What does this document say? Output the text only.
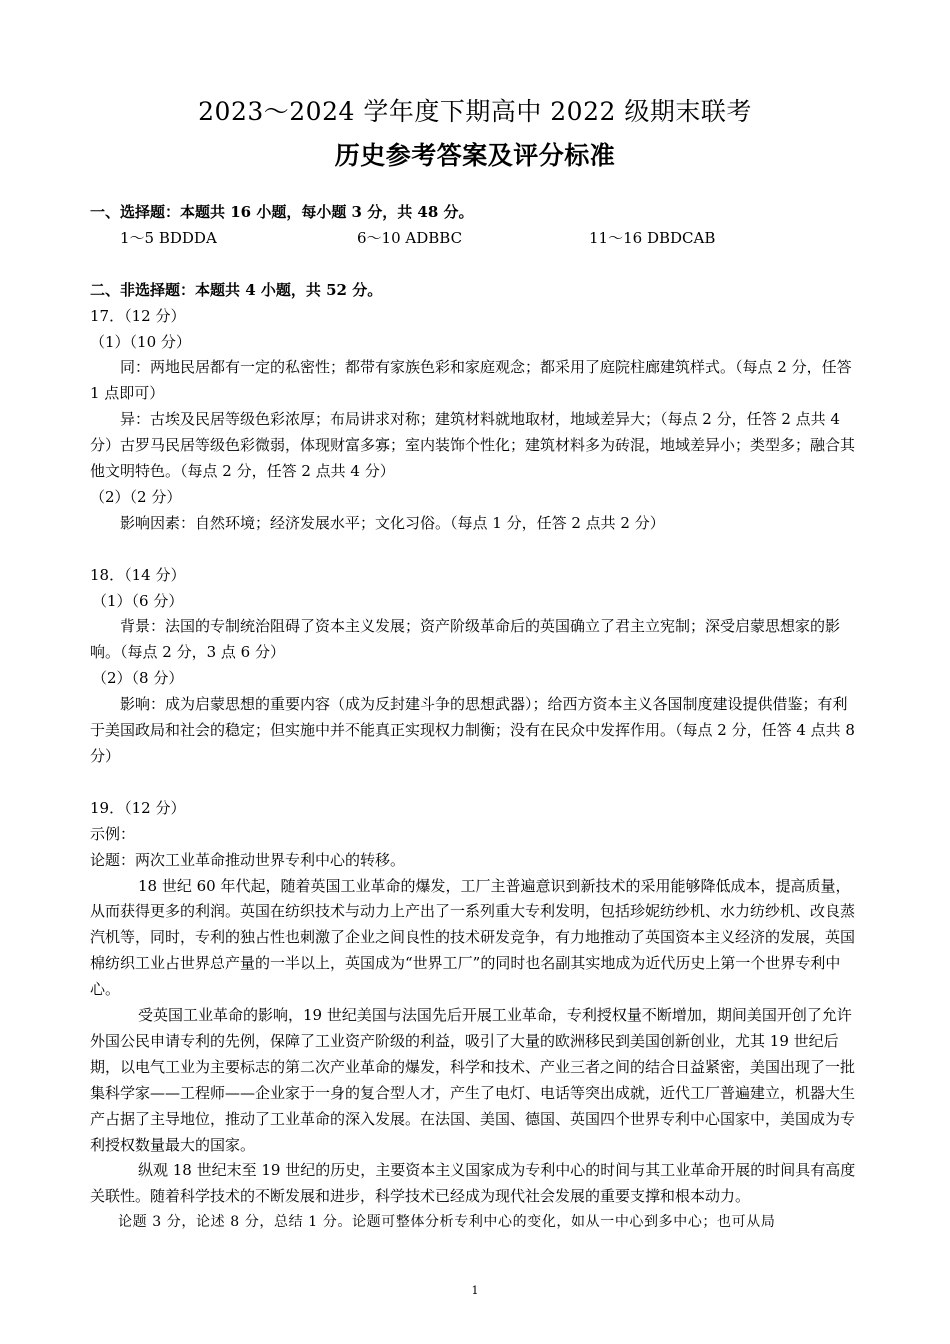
2023～2024 学年度下期高中 2022 级期末联考
历史参考答案及评分标准

一、选择题：本题共 16 小题，每小题 3 分，共 48 分。

1～5 BDDDA	6～10 ADBBC	11～16 DBDCAB

二、非选择题：本题共 4 小题，共 52 分。

17．（12 分）

（1）（10 分）

同：两地民居都有一定的私密性；都带有家族色彩和家庭观念；都采用了庭院柱廊建筑样式。（每点 2 分，任答 1 点即可）

异：古埃及民居等级色彩浓厚；布局讲求对称；建筑材料就地取材，地域差异大；（每点 2 分，任答 2 点共 4 分）古罗马民居等级色彩微弱，体现财富多寡；室内装饰个性化；建筑材料多为砖混，地域差异小；类型多；融合其他文明特色。（每点 2 分，任答 2 点共 4 分）

（2）（2 分）

影响因素：自然环境；经济发展水平；文化习俗。（每点 1 分，任答 2 点共 2 分）

18．（14 分）

（1）（6 分）

背景：法国的专制统治阻碍了资本主义发展；资产阶级革命后的英国确立了君主立宪制；深受启蒙思想家的影响。（每点 2 分，3 点 6 分）

（2）（8 分）

影响：成为启蒙思想的重要内容（成为反封建斗争的思想武器）；给西方资本主义各国制度建设提供借鉴；有利于美国政局和社会的稳定；但实施中并不能真正实现权力制衡；没有在民众中发挥作用。（每点 2 分，任答 4 点共 8 分）

19．（12 分）

示例：

论题：两次工业革命推动世界专利中心的转移。

18 世纪 60 年代起，随着英国工业革命的爆发，工厂主普遍意识到新技术的采用能够降低成本，提高质量，从而获得更多的利润。英国在纺织技术与动力上产出了一系列重大专利发明，包括珍妮纺纱机、水力纺纱机、改良蒸汽机等，同时，专利的独占性也刺激了企业之间良性的技术研发竞争，有力地推动了英国资本主义经济的发展，英国棉纺织工业占世界总产量的一半以上，英国成为“世界工厂”的同时也名副其实地成为近代历史上第一个世界专利中心。

受英国工业革命的影响，19 世纪美国与法国先后开展工业革命，专利授权量不断增加，期间美国开创了允许外国公民申请专利的先例，保障了工业资产阶级的利益，吸引了大量的欧洲移民到美国创新创业，尤其 19 世纪后期，以电气工业为主要标志的第二次产业革命的爆发，科学和技术、产业三者之间的结合日益紧密，美国出现了一批集科学家——工程师——企业家于一身的复合型人才，产生了电灯、电话等突出成就，近代工厂普遍建立，机器大生产占据了主导地位，推动了工业革命的深入发展。在法国、美国、德国、英国四个世界专利中心国家中，美国成为专利授权数量最大的国家。

纵观 18 世纪末至 19 世纪的历史，主要资本主义国家成为专利中心的时间与其工业革命开展的时间具有高度关联性。随着科学技术的不断发展和进步，科学技术已经成为现代社会发展的重要支撑和根本动力。

论题 3 分，论述 8 分，总结 1 分。论题可整体分析专利中心的变化，如从一中心到多中心；也可从局

1
